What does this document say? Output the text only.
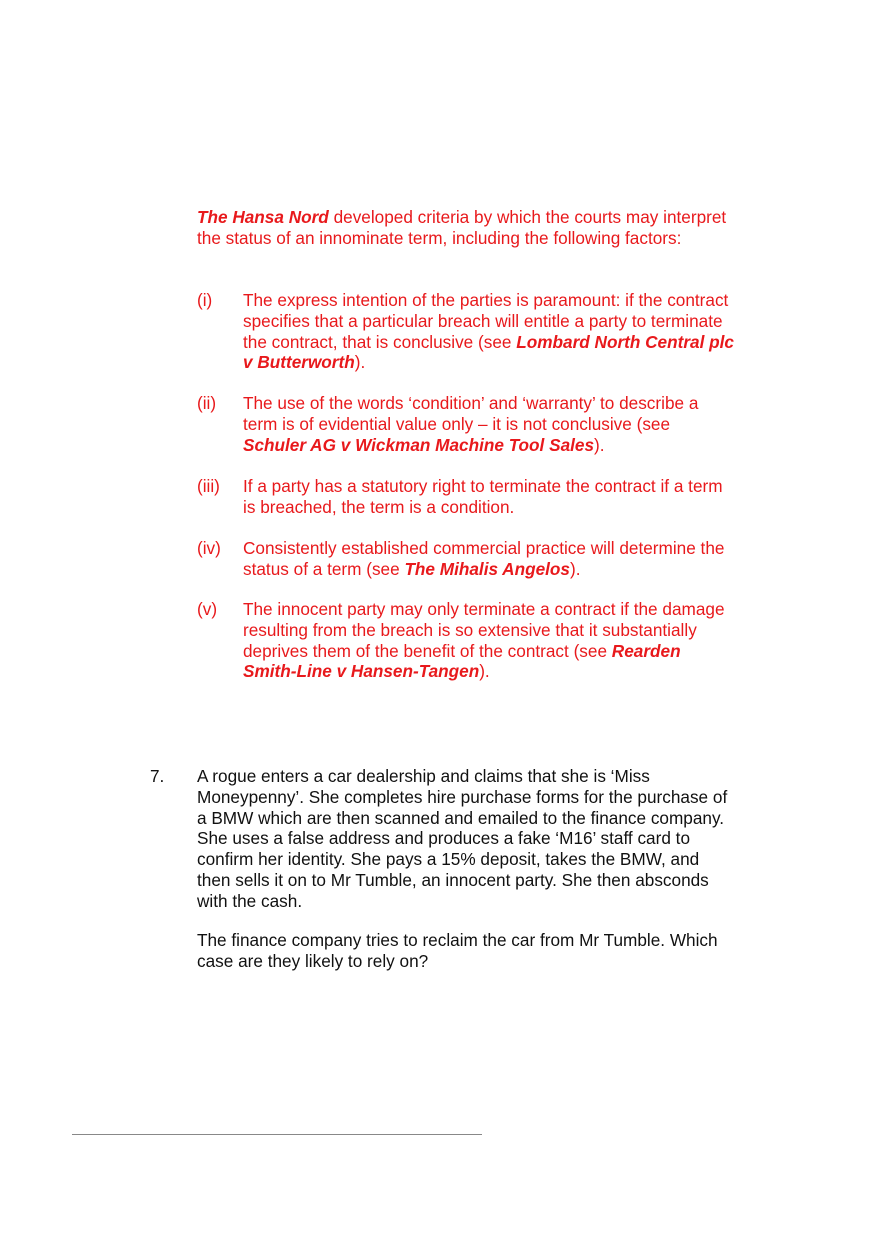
The Hansa Nord developed criteria by which the courts may interpret the status of an innominate term, including the following factors:

(i) The express intention of the parties is paramount: if the contract specifies that a particular breach will entitle a party to terminate the contract, that is conclusive (see Lombard North Central plc v Butterworth).
(ii) The use of the words ‘condition’ and ‘warranty’ to describe a term is of evidential value only – it is not conclusive (see Schuler AG v Wickman Machine Tool Sales).
(iii) If a party has a statutory right to terminate the contract if a term is breached, the term is a condition.
(iv) Consistently established commercial practice will determine the status of a term (see The Mihalis Angelos).
(v) The innocent party may only terminate a contract if the damage resulting from the breach is so extensive that it substantially deprives them of the benefit of the contract (see Rearden Smith-Line v Hansen-Tangen).
7. A rogue enters a car dealership and claims that she is ‘Miss Moneypenny’. She completes hire purchase forms for the purchase of a BMW which are then scanned and emailed to the finance company. She uses a false address and produces a fake ‘M16’ staff card to confirm her identity. She pays a 15% deposit, takes the BMW, and then sells it on to Mr Tumble, an innocent party. She then absconds with the cash.

The finance company tries to reclaim the car from Mr Tumble. Which case are they likely to rely on?
